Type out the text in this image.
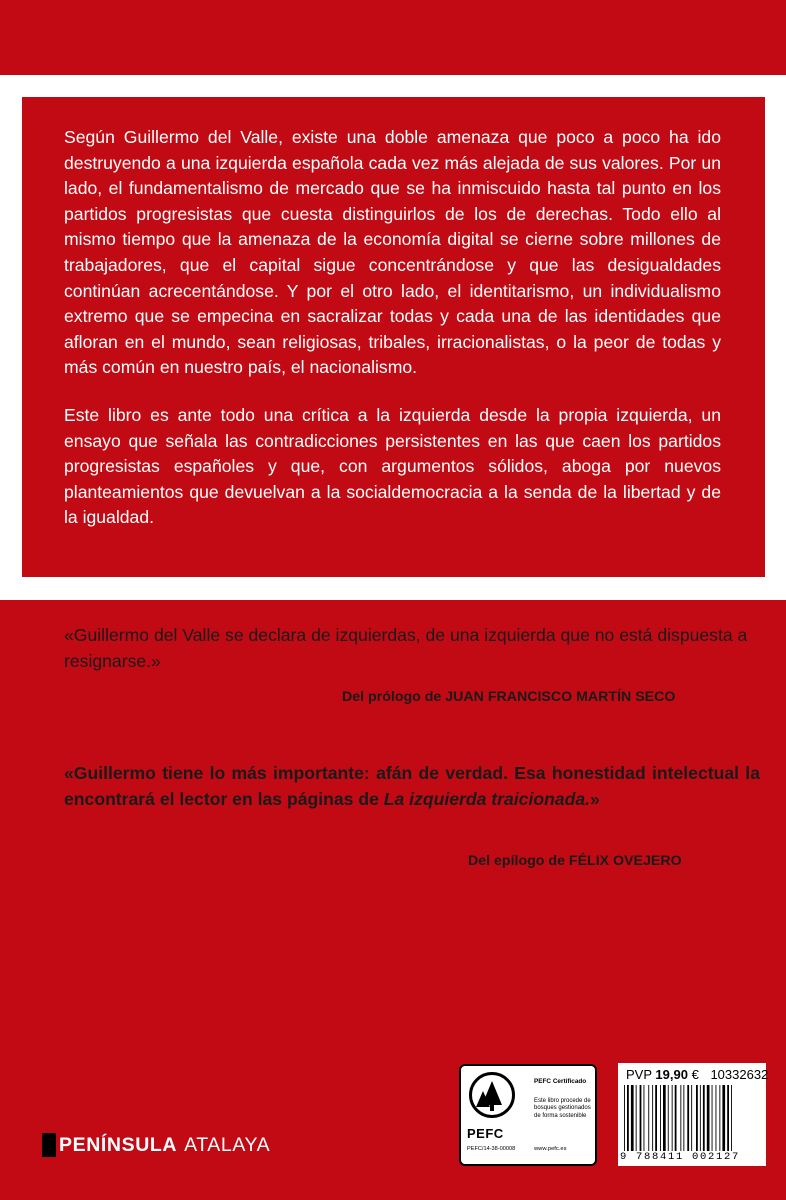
Según Guillermo del Valle, existe una doble amenaza que poco a poco ha ido destruyendo a una izquierda española cada vez más alejada de sus valores. Por un lado, el fundamentalismo de mercado que se ha inmiscuido hasta tal punto en los partidos progresistas que cuesta distinguirlos de los de derechas. Todo ello al mismo tiempo que la amenaza de la economía digital se cierne sobre millones de trabajadores, que el capital sigue concentrándose y que las desigualdades continúan acrecentándose. Y por el otro lado, el identitarismo, un individualismo extremo que se empecina en sacralizar todas y cada una de las identidades que afloran en el mundo, sean religiosas, tribales, irracionalistas, o la peor de todas y más común en nuestro país, el nacionalismo.

Este libro es ante todo una crítica a la izquierda desde la propia izquierda, un ensayo que señala las contradicciones persistentes en las que caen los partidos progresistas españoles y que, con argumentos sólidos, aboga por nuevos planteamientos que devuelvan a la socialdemocracia a la senda de la libertad y de la igualdad.

«Guillermo del Valle se declara de izquierdas, de una izquierda que no está dispuesta a resignarse.»
Del prólogo de JUAN FRANCISCO MARTÍN SECO
«Guillermo tiene lo más importante: afán de verdad. Esa honestidad intelectual la encontrará el lector en las páginas de La izquierda traicionada.»
Del epílogo de FÉLIX OVEJERO
PENÍNSULA ATALAYA	PEFC
PEFC/14-38-00008
PEFC Certificado
Este libro procede de bosques gestionados de forma sostenible
www.pefc.es
PVP 19,90 € 10332632
9 788411 002127
